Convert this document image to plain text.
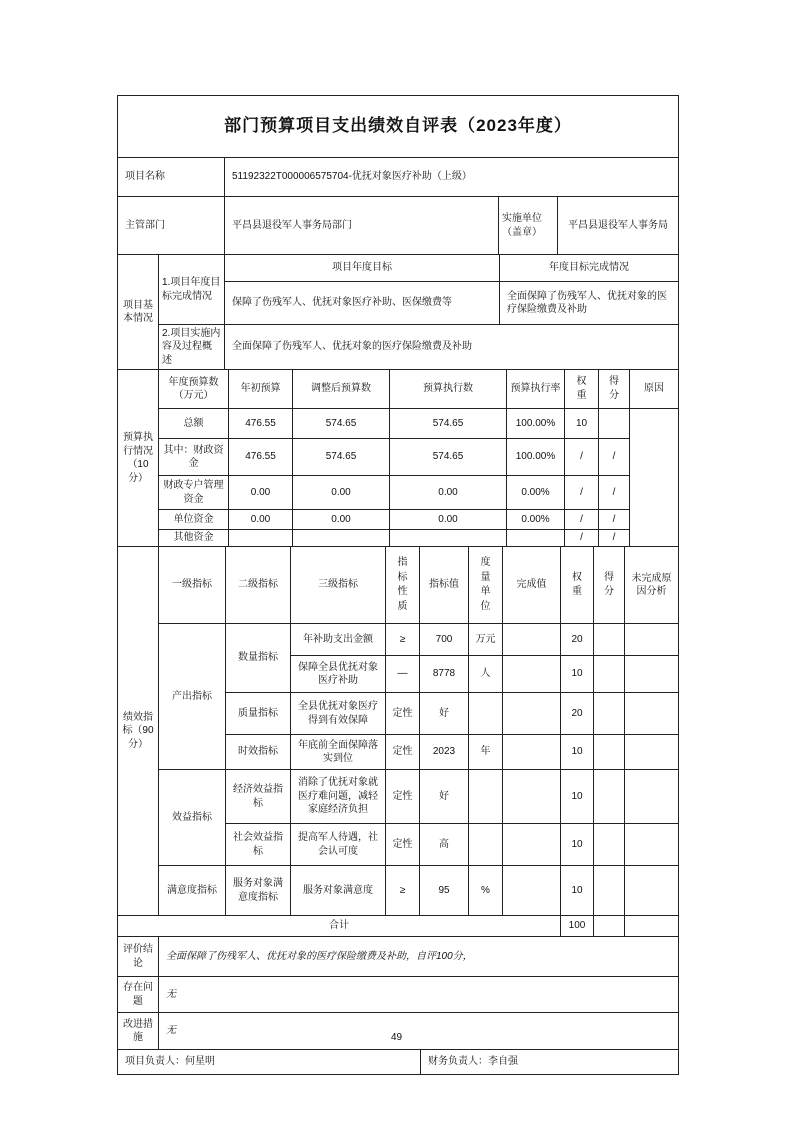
部门预算项目支出绩效自评表（2023年度）
项目名称	51192322T000006575704-优抚对象医疗补助（上级）
主管部门	平昌县退役军人事务局部门	实施单位（盖章）	平昌县退役军人事务局
项目基本情况	1.项目年度目标完成情况	项目年度目标	年度目标完成情况
		保障了伤残军人、优抚对象医疗补助、医保缴费等	全面保障了伤残军人、优抚对象的医疗保险缴费及补助
	2.项目实施内容及过程概述	全面保障了伤残军人、优抚对象的医疗保险缴费及补助	
预算执行情况（10分）	年度预算数（万元）	年初预算	调整后预算数	预算执行数	预算执行率	权重	得分	原因
	总额	476.55	574.65	574.65	100.00%	10		
	其中：财政资金	476.55	574.65	574.65	100.00%	/	/	
	财政专户管理资金	0.00	0.00	0.00	0.00%	/	/	
	单位资金	0.00	0.00	0.00	0.00%	/	/	
	其他资金					/	/	
绩效指标（90分）	一级指标	二级指标	三级指标	指标性质	指标值	度量单位	完成值	权重	得分	未完成原因分析
	产出指标	数量指标	年补助支出金额	≥	700	万元		20		
			保障全县优抚对象医疗补助	—	8778	人		10		
		质量指标	全县优抚对象医疗得到有效保障	定性	好			20		
		时效指标	年底前全面保障落实到位	定性	2023	年		10		
	效益指标	经济效益指标	消除了优抚对象就医疗难问题，减轻家庭经济负担	定性	好			10		
		社会效益指标	提高军人待遇，社会认可度	定性	高			10		
	满意度指标	服务对象满意度指标	服务对象满意度	≥	95	%		10		
合计								100		
评价结论	全面保障了伤残军人、优抚对象的医疗保险缴费及补助，自评100分，
存在问题	无
改进措施	无
项目负责人：何星明	财务负责人：李自强
49
